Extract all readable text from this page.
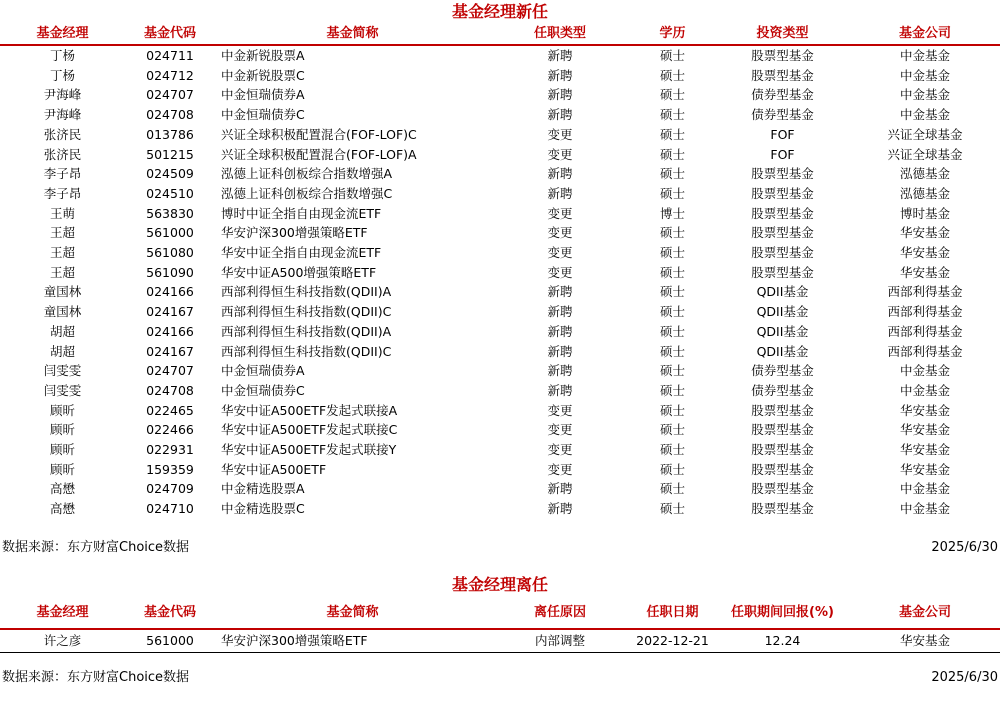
基金经理新任
基金经理	基金代码	基金简称	任职类型	学历	投资类型	基金公司
丁杨	024711	中金新锐股票A	新聘	硕士	股票型基金	中金基金
丁杨	024712	中金新锐股票C	新聘	硕士	股票型基金	中金基金
尹海峰	024707	中金恒瑞债券A	新聘	硕士	债券型基金	中金基金
尹海峰	024708	中金恒瑞债券C	新聘	硕士	债券型基金	中金基金
张济民	013786	兴证全球积极配置混合(FOF-LOF)C	变更	硕士	FOF	兴证全球基金
张济民	501215	兴证全球积极配置混合(FOF-LOF)A	变更	硕士	FOF	兴证全球基金
李子昂	024509	泓德上证科创板综合指数增强A	新聘	硕士	股票型基金	泓德基金
李子昂	024510	泓德上证科创板综合指数增强C	新聘	硕士	股票型基金	泓德基金
王萌	563830	博时中证全指自由现金流ETF	变更	博士	股票型基金	博时基金
王超	561000	华安沪深300增强策略ETF	变更	硕士	股票型基金	华安基金
王超	561080	华安中证全指自由现金流ETF	变更	硕士	股票型基金	华安基金
王超	561090	华安中证A500增强策略ETF	变更	硕士	股票型基金	华安基金
童国林	024166	西部利得恒生科技指数(QDII)A	新聘	硕士	QDII基金	西部利得基金
童国林	024167	西部利得恒生科技指数(QDII)C	新聘	硕士	QDII基金	西部利得基金
胡超	024166	西部利得恒生科技指数(QDII)A	新聘	硕士	QDII基金	西部利得基金
胡超	024167	西部利得恒生科技指数(QDII)C	新聘	硕士	QDII基金	西部利得基金
闫雯雯	024707	中金恒瑞债券A	新聘	硕士	债券型基金	中金基金
闫雯雯	024708	中金恒瑞债券C	新聘	硕士	债券型基金	中金基金
顾昕	022465	华安中证A500ETF发起式联接A	变更	硕士	股票型基金	华安基金
顾昕	022466	华安中证A500ETF发起式联接C	变更	硕士	股票型基金	华安基金
顾昕	022931	华安中证A500ETF发起式联接Y	变更	硕士	股票型基金	华安基金
顾昕	159359	华安中证A500ETF	变更	硕士	股票型基金	华安基金
高懋	024709	中金精选股票A	新聘	硕士	股票型基金	中金基金
高懋	024710	中金精选股票C	新聘	硕士	股票型基金	中金基金
数据来源：东方财富Choice数据	2025/6/30
基金经理离任
基金经理	基金代码	基金简称	离任原因	任职日期	任职期间回报(%)	基金公司
许之彦	561000	华安沪深300增强策略ETF	内部调整	2022-12-21	12.24	华安基金
数据来源：东方财富Choice数据	2025/6/30
